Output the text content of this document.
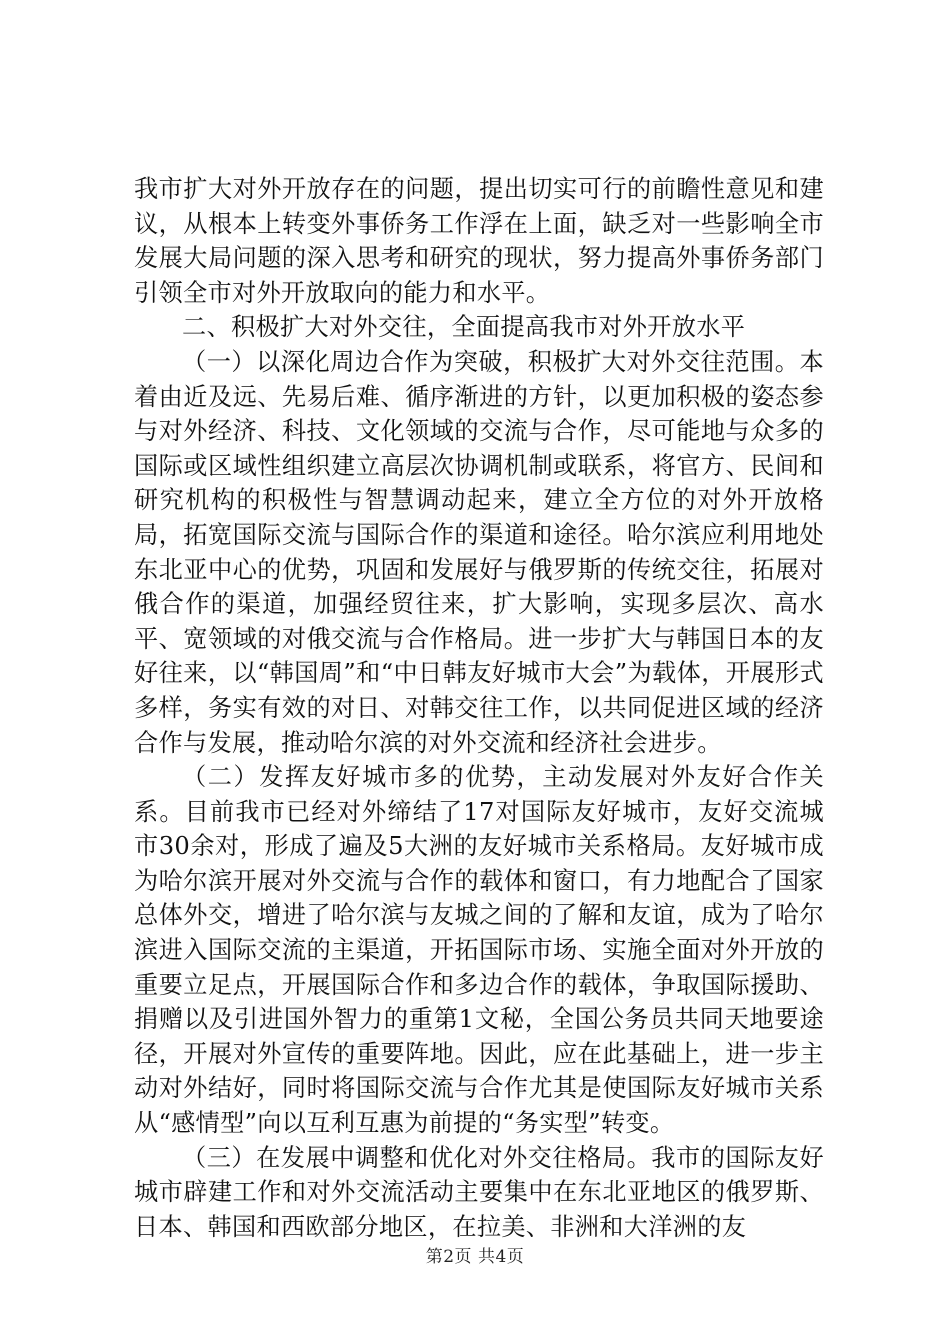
我市扩大对外开放存在的问题，提出切实可行的前瞻性意见和建议，从根本上转变外事侨务工作浮在上面，缺乏对一些影响全市发展大局问题的深入思考和研究的现状，努力提高外事侨务部门引领全市对外开放取向的能力和水平。

二、积极扩大对外交往，全面提高我市对外开放水平

（一）以深化周边合作为突破，积极扩大对外交往范围。本着由近及远、先易后难、循序渐进的方针，以更加积极的姿态参与对外经济、科技、文化领域的交流与合作，尽可能地与众多的国际或区域性组织建立高层次协调机制或联系，将官方、民间和研究机构的积极性与智慧调动起来，建立全方位的对外开放格局，拓宽国际交流与国际合作的渠道和途径。哈尔滨应利用地处东北亚中心的优势，巩固和发展好与俄罗斯的传统交往，拓展对俄合作的渠道，加强经贸往来，扩大影响，实现多层次、高水平、宽领域的对俄交流与合作格局。进一步扩大与韩国日本的友好往来，以“韩国周”和“中日韩友好城市大会”为载体，开展形式多样，务实有效的对日、对韩交往工作，以共同促进区域的经济合作与发展，推动哈尔滨的对外交流和经济社会进步。

（二）发挥友好城市多的优势，主动发展对外友好合作关系。目前我市已经对外缔结了17对国际友好城市，友好交流城市30余对，形成了遍及5大洲的友好城市关系格局。友好城市成为哈尔滨开展对外交流与合作的载体和窗口，有力地配合了国家总体外交，增进了哈尔滨与友城之间的了解和友谊，成为了哈尔滨进入国际交流的主渠道，开拓国际市场、实施全面对外开放的重要立足点，开展国际合作和多边合作的载体，争取国际援助、捐赠以及引进国外智力的重第1文秘，全国公务员共同天地要途径，开展对外宣传的重要阵地。因此，应在此基础上，进一步主动对外结好，同时将国际交流与合作尤其是使国际友好城市关系从“感情型”向以互利互惠为前提的“务实型”转变。

（三）在发展中调整和优化对外交往格局。我市的国际友好城市辟建工作和对外交流活动主要集中在东北亚地区的俄罗斯、日本、韩国和西欧部分地区，在拉美、非洲和大洋洲的友

第2页 共4页
